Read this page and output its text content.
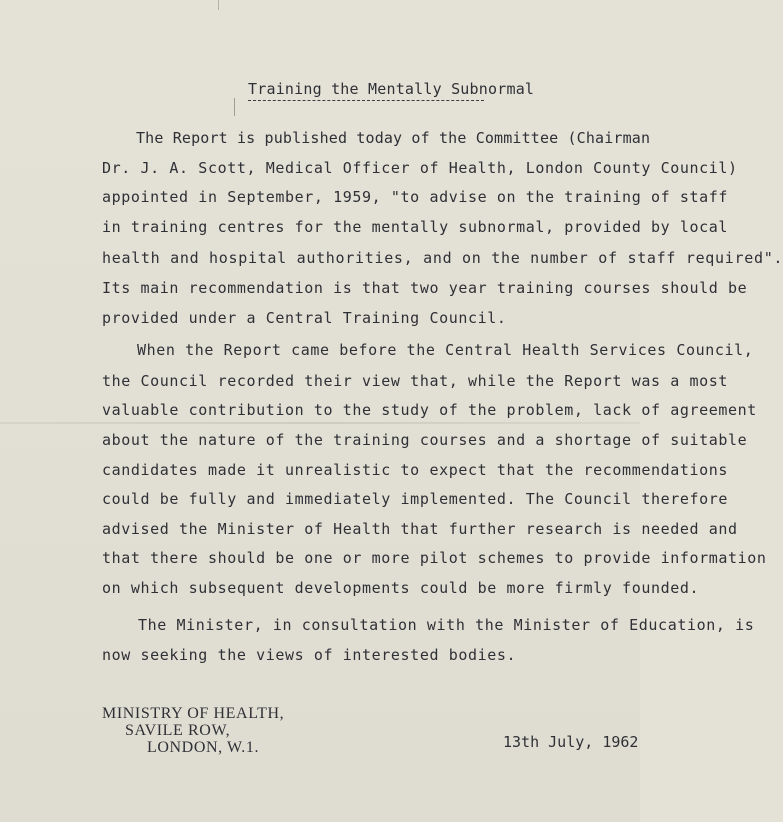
Training the Mentally Subnormal
The Report is published today of the Committee (Chairman
Dr. J. A. Scott, Medical Officer of Health, London County Council)
appointed in September, 1959, "to advise on the training of staff
in training centres for the mentally subnormal, provided by local
health and hospital authorities, and on the number of staff required".
Its main recommendation is that two year training courses should be
provided under a Central Training Council.
When the Report came before the Central Health Services Council,
the Council recorded their view that, while the Report was a most
valuable contribution to the study of the problem, lack of agreement
about the nature of the training courses and a shortage of suitable
candidates made it unrealistic to expect that the recommendations
could be fully and immediately implemented. The Council therefore
advised the Minister of Health that further research is needed and
that there should be one or more pilot schemes to provide information
on which subsequent developments could be more firmly founded.
The Minister, in consultation with the Minister of Education, is
now seeking the views of interested bodies.
MINISTRY OF HEALTH,
SAVILE ROW,
LONDON, W.1.	13th July, 1962
